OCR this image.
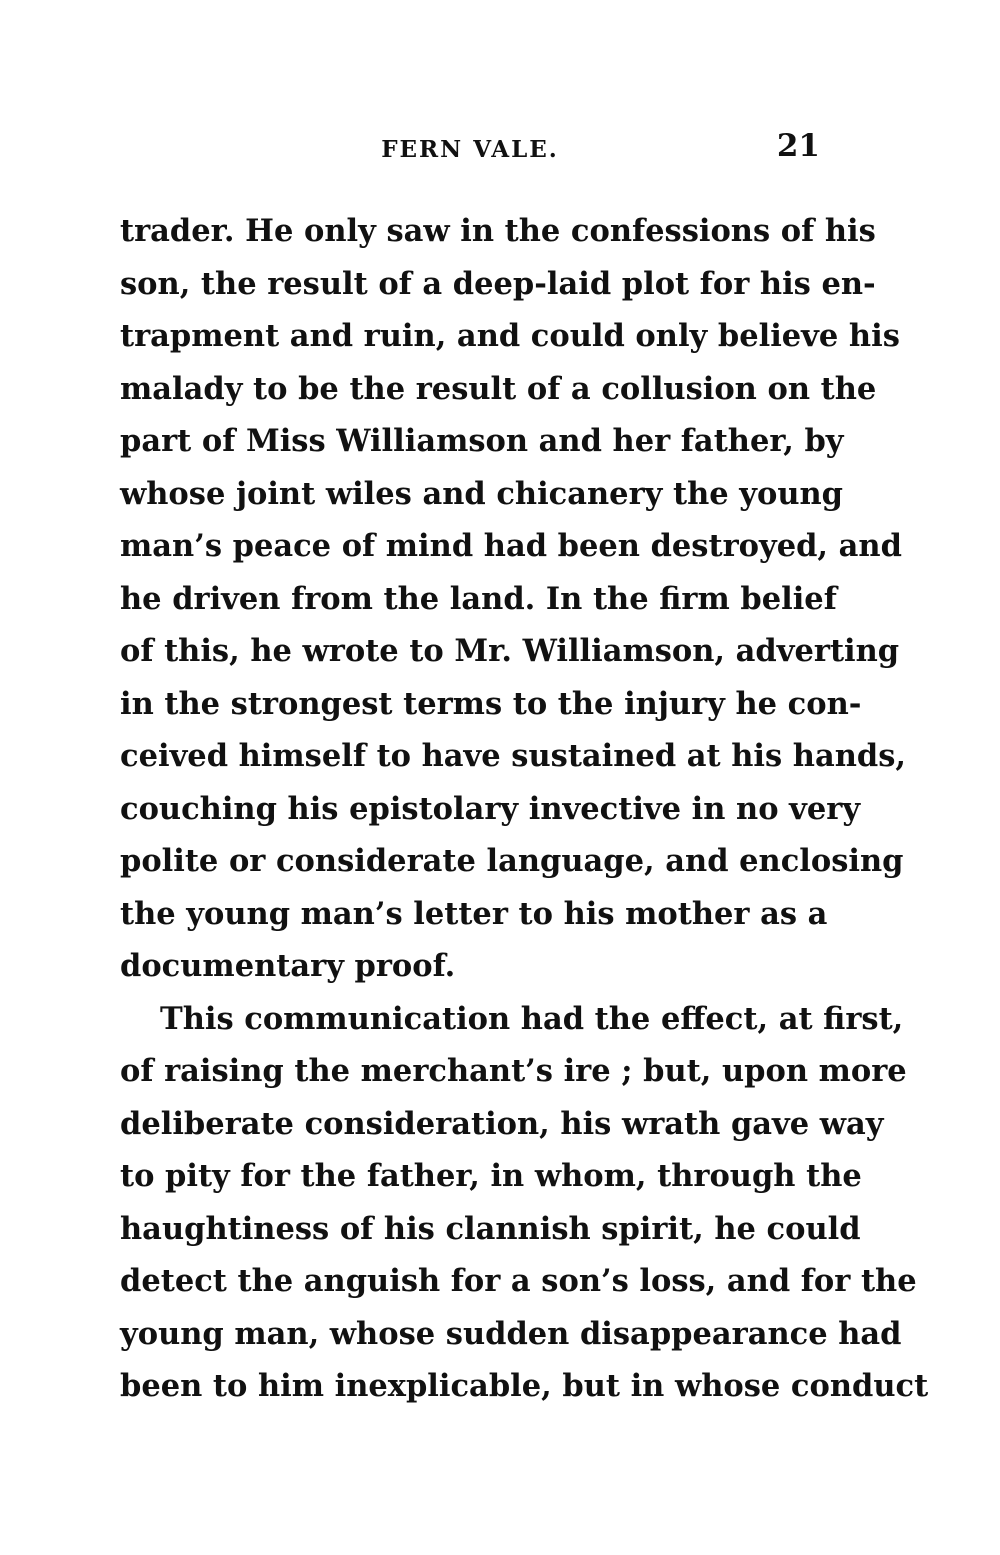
FERN VALE.	21
trader. He only saw in the confessions of his
son, the result of a deep-laid plot for his en-
trapment and ruin, and could only believe his
malady to be the result of a collusion on the
part of Miss Williamson and her father, by
whose joint wiles and chicanery the young
man’s peace of mind had been destroyed, and
he driven from the land. In the firm belief
of this, he wrote to Mr. Williamson, adverting
in the strongest terms to the injury he con-
ceived himself to have sustained at his hands,
couching his epistolary invective in no very
polite or considerate language, and enclosing
the young man’s letter to his mother as a
documentary proof.
This communication had the effect, at first,
of raising the merchant’s ire ; but, upon more
deliberate consideration, his wrath gave way
to pity for the father, in whom, through the
haughtiness of his clannish spirit, he could
detect the anguish for a son’s loss, and for the
young man, whose sudden disappearance had
been to him inexplicable, but in whose conduct
